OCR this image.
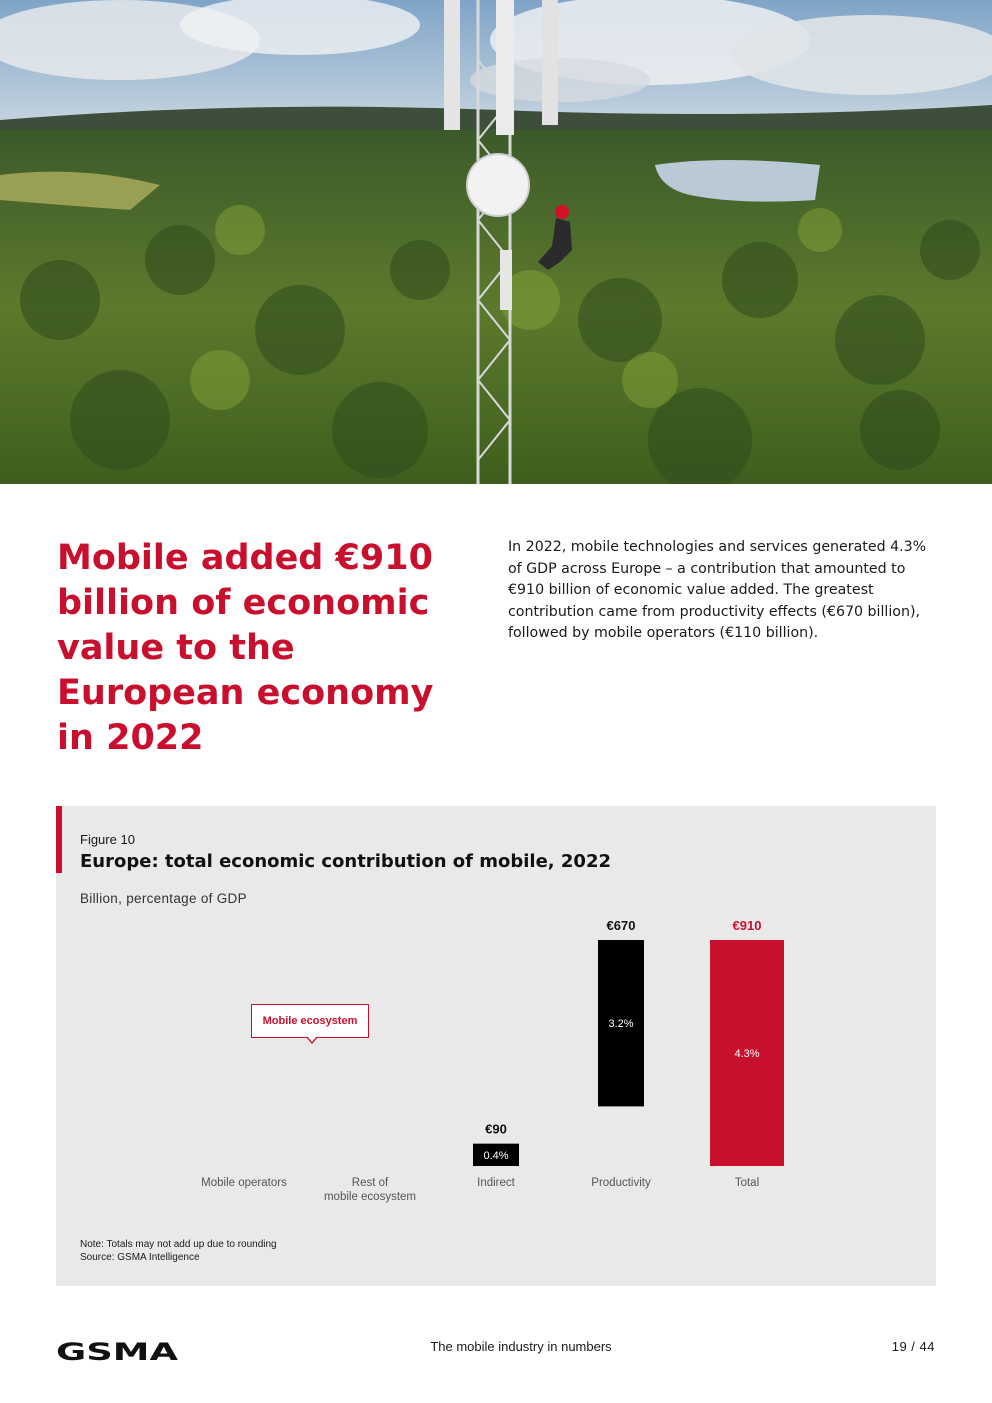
Mobile added €910 billion of economic value to the European economy in 2022

In 2022, mobile technologies and services generated 4.3% of GDP across Europe – a contribution that amounted to €910 billion of economic value added. The greatest contribution came from productivity effects (€670 billion), followed by mobile operators (€110 billion).

Figure 10
Europe: total economic contribution of mobile, 2022
Billion, percentage of GDP
Mobile operators	Rest of
mobile ecosystem
0.4%
€90
Indirect
3.2%
€670
Productivity
4.3%
€910
Total
Mobile ecosystem
Note: Totals may not add up due to rounding
Source: GSMA Intelligence
GSMA	The mobile industry in numbers	19 / 44
